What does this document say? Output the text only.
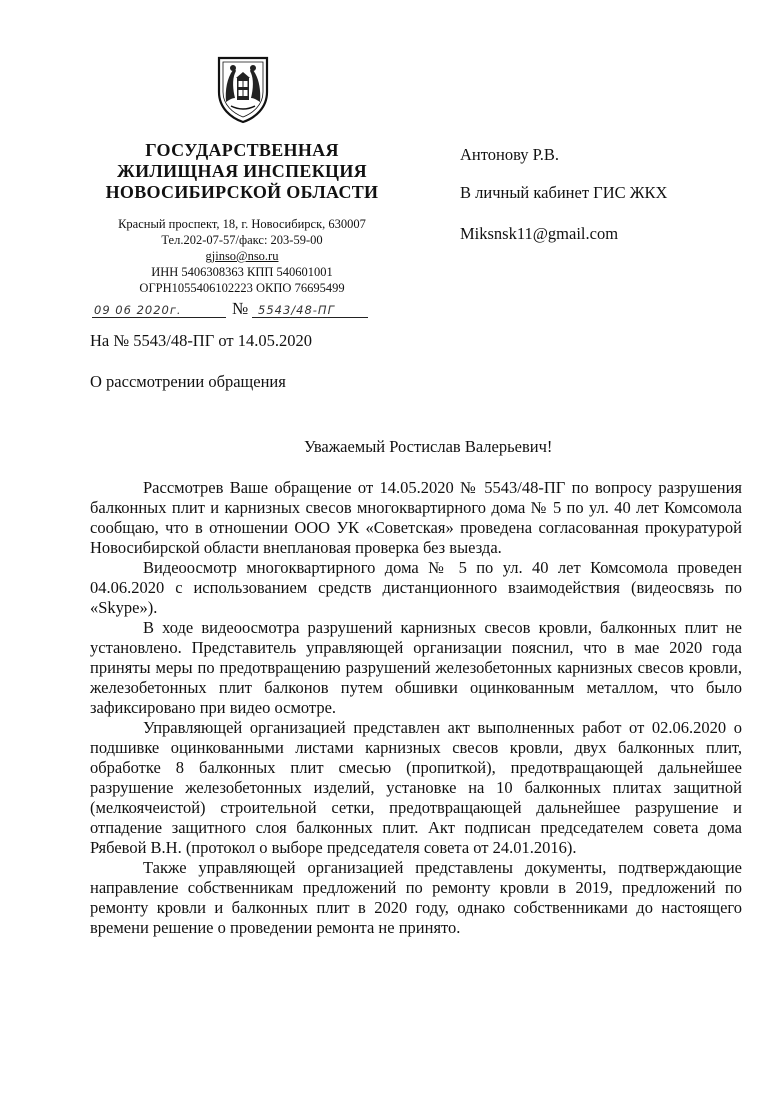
ГОСУДАРСТВЕННАЯ
ЖИЛИЩНАЯ ИНСПЕКЦИЯ
НОВОСИБИРСКОЙ ОБЛАСТИ
Красный проспект, 18, г. Новосибирск, 630007
Тел.202-07-57/факс: 203-59-00
gjinso@nso.ru
ИНН 5406308363 КПП 540601001
ОГРН1055406102223 ОКПО 76695499
09 06 2020г.	№ 5543/48-ПГ
Антонову Р.В.
В личный кабинет ГИС ЖКХ
Miksnsk11@gmail.com
На № 5543/48-ПГ от 14.05.2020
О рассмотрении обращения
Уважаемый Ростислав Валерьевич!

Рассмотрев Ваше обращение от 14.05.2020 № 5543/48-ПГ по вопросу разрушения балконных плит и карнизных свесов многоквартирного дома № 5 по ул. 40 лет Комсомола сообщаю, что в отношении ООО УК «Советская» проведена согласованная прокуратурой Новосибирской области внеплановая проверка без выезда.

Видеоосмотр многоквартирного дома № 5 по ул. 40 лет Комсомола проведен 04.06.2020 с использованием средств дистанционного взаимодействия (видеосвязь по «Skype»).

В ходе видеоосмотра разрушений карнизных свесов кровли, балконных плит не установлено. Представитель управляющей организации пояснил, что в мае 2020 года приняты меры по предотвращению разрушений железобетонных карнизных свесов кровли, железобетонных плит балконов путем обшивки оцинкованным металлом, что было зафиксировано при видео осмотре.

Управляющей организацией представлен акт выполненных работ от 02.06.2020 о подшивке оцинкованными листами карнизных свесов кровли, двух балконных плит, обработке 8 балконных плит смесью (пропиткой), предотвращающей дальнейшее разрушение железобетонных изделий, установке на 10 балконных плитах защитной (мелкоячеистой) строительной сетки, предотвращающей дальнейшее разрушение и отпадение защитного слоя балконных плит. Акт подписан председателем совета дома Рябевой В.Н. (протокол о выборе председателя совета от 24.01.2016).

Также управляющей организацией представлены документы, подтверждающие направление собственникам предложений по ремонту кровли в 2019, предложений по ремонту кровли и балконных плит в 2020 году, однако собственниками до настоящего времени решение о проведении ремонта не принято.
